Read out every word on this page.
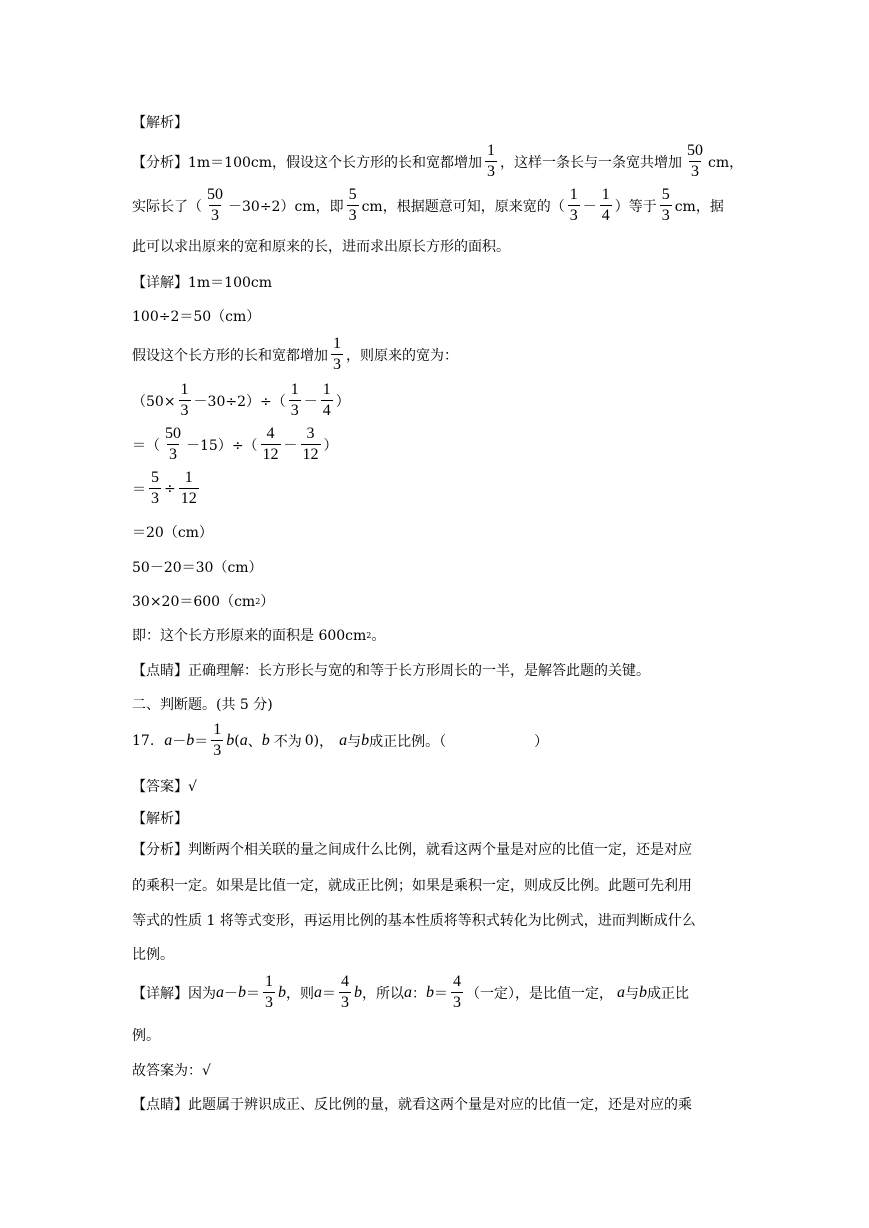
【解析】
【分析】1m＝100cm，假设这个长方形的长和宽都增加 $\frac{1}{3}$ ，这样一条长与一条宽共增加 $\frac{50}{3}$ cm，
实际长了（ $\frac{50}{3} -30\div 2)cm$，即 $\frac{5}{3}$ cm，根据题意可知，原来宽的（ $\frac{1}{3} - \frac{1}{4}$ ）等于 $\frac{5}{3}$ cm，据
此可以求出原来的宽和原来的长，进而求出原长方形的面积。
【详解】1m＝100cm
100÷2＝50（cm）
假设这个长方形的长和宽都增加 $\frac{1}{3}$ ，则原来的宽为：
$(50\times \frac{1}{3} -30\div 2)\div( \frac{1}{3} - \frac{1}{4}$ ）
＝（ $\frac{50}{3} -15)\div( \frac{4}{12} - \frac{3}{12}$ ）
＝ $\frac{5}{3} \div \frac{1}{12}$
＝20（cm）
50－20＝30（cm）
30×20＝600（cm 2 ）
即：这个长方形原来的面积是 600cm 2 。
【点睛】正确理解：长方形长与宽的和等于长方形周长的一半，是解答此题的关键。
二、判断题。(共 5 分)
17. $a - b = \frac{1}{3}$ b ( a 、 b 不为 0) ， a 与 b 成正比例。（	）
【答案】√
【解析】
【分析】判断两个相关联的量之间成什么比例，就看这两个量是对应的比值一定，还是对应
的乘积一定。如果是比值一定，就成正比例；如果是乘积一定，则成反比例。此题可先利用
等式的性质 1 将等式变形，再运用比例的基本性质将等积式转化为比例式，进而判断成什么
比例。
【详解】因为 $a - b = \frac{1}{3}$ b ，则 $a = \frac{4}{3}$ b ，所以 a ： $b = \frac{4}{3}$ （一定），是比值一定， a 与 b 成正比
例。
故答案为：√
【点睛】此题属于辨识成正、反比例的量，就看这两个量是对应的比值一定，还是对应的乘
